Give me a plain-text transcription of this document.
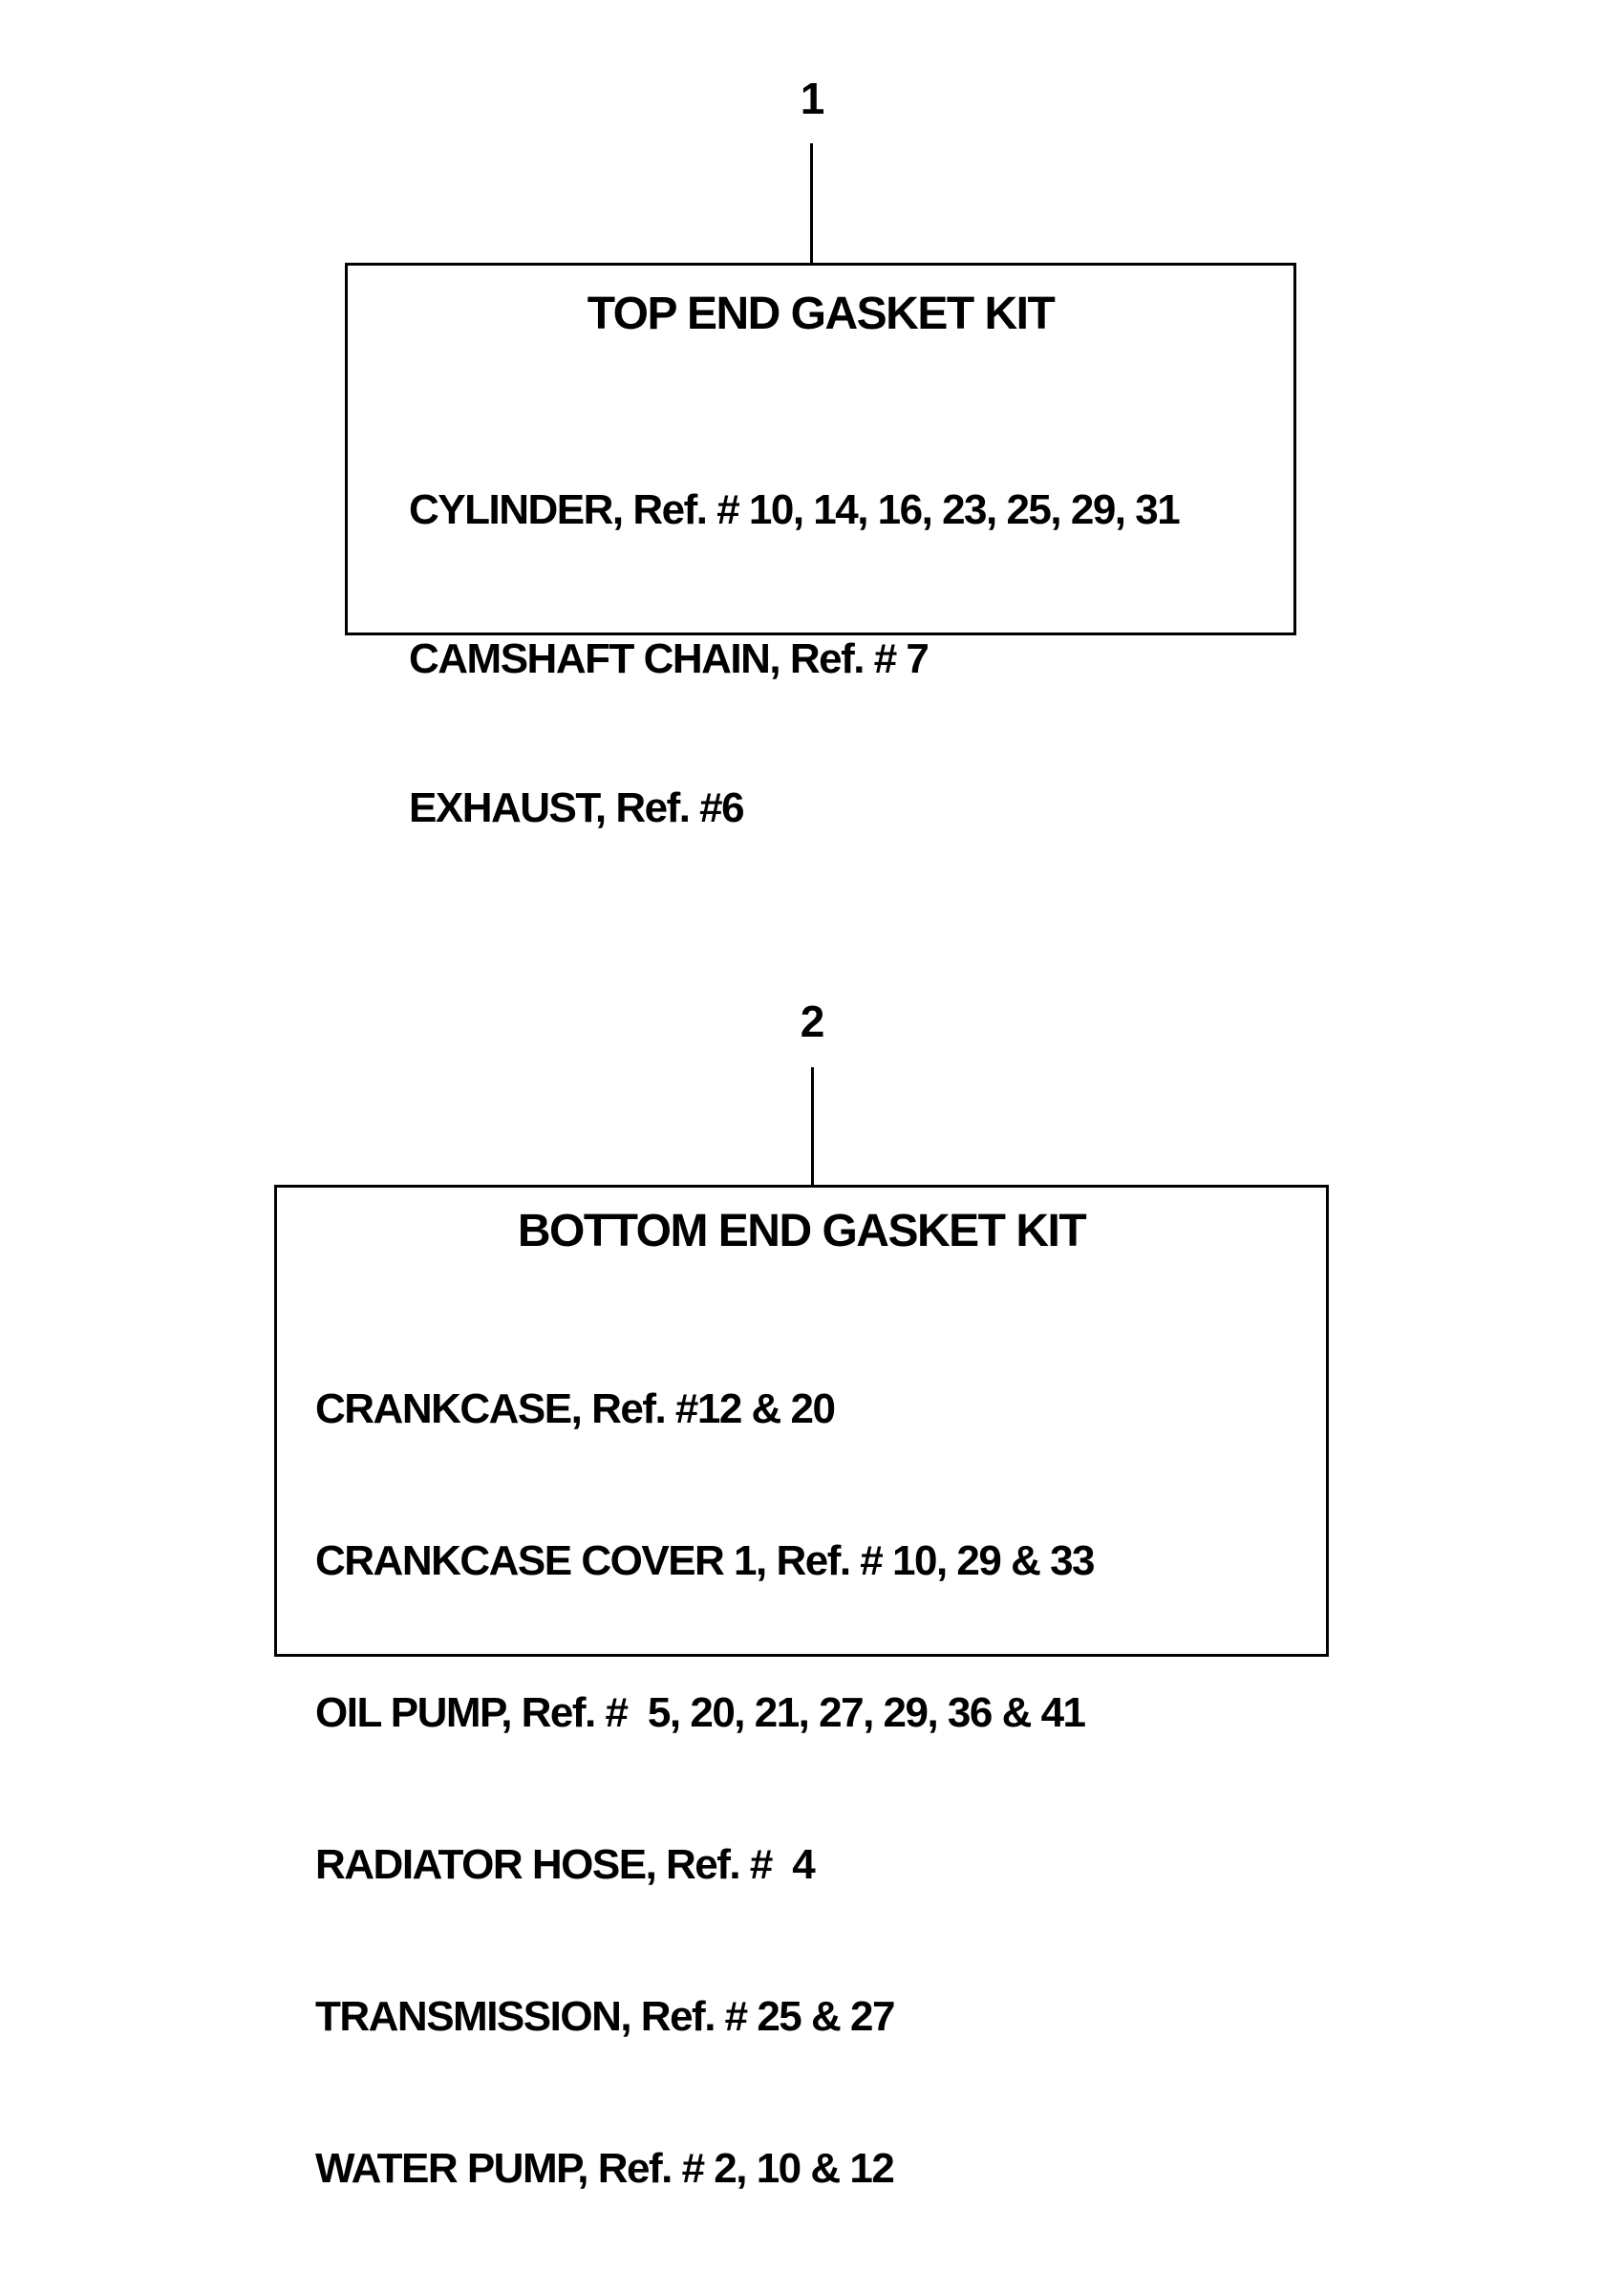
1
TOP END GASKET KIT

CYLINDER, Ref. # 10, 14, 16, 23, 25, 29, 31

CAMSHAFT CHAIN, Ref. # 7

EXHAUST, Ref. #6

2
BOTTOM END GASKET KIT

CRANKCASE, Ref. #12 & 20

CRANKCASE COVER 1, Ref. # 10, 29 & 33

OIL PUMP, Ref. #  5, 20, 21, 27, 29, 36 & 41

RADIATOR HOSE, Ref. #  4

TRANSMISSION, Ref. # 25 & 27

WATER PUMP, Ref. # 2, 10 & 12
